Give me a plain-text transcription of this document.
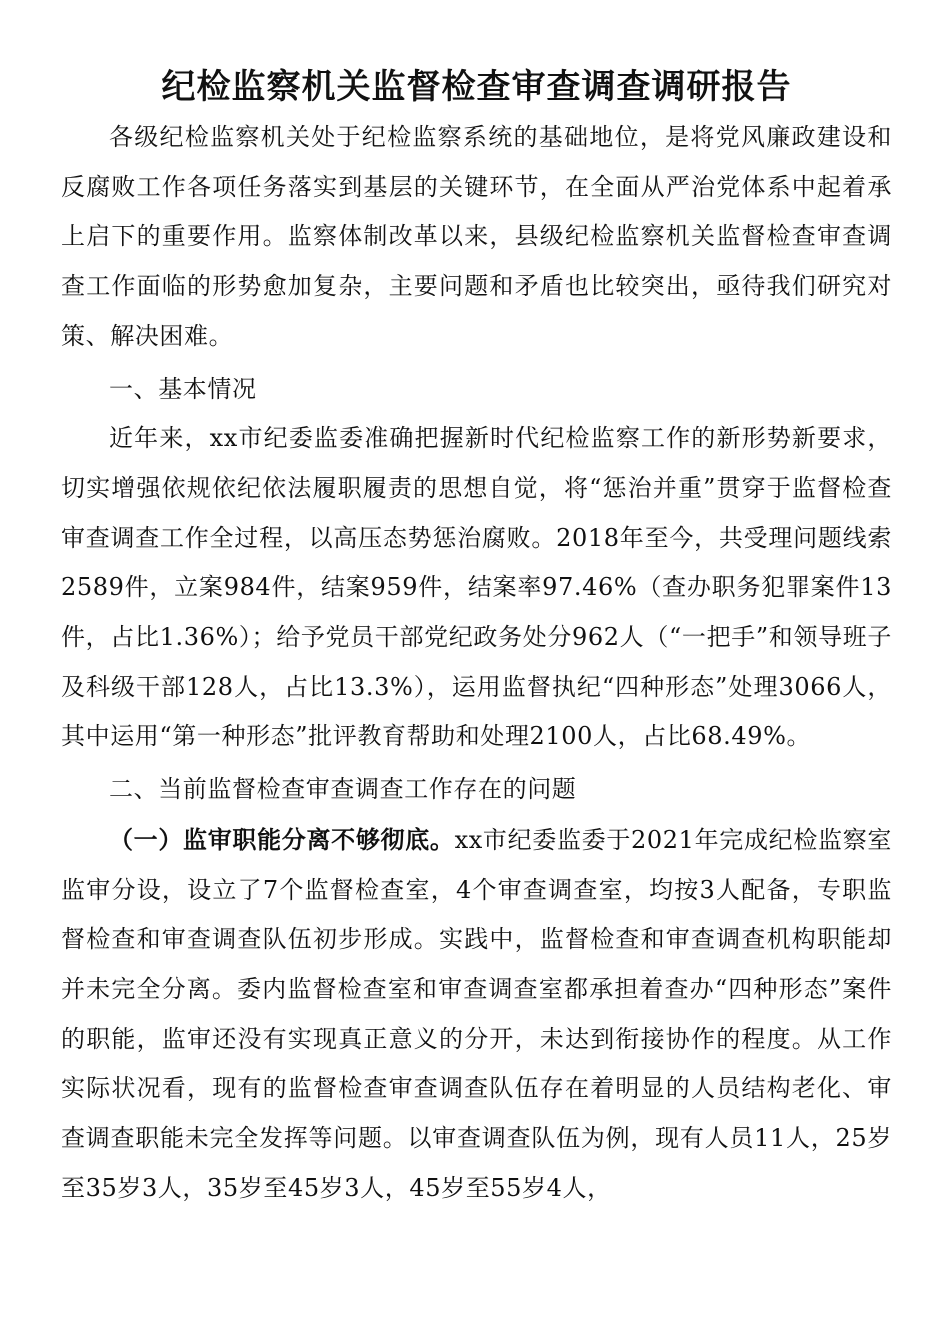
纪检监察机关监督检查审查调查调研报告

各级纪检监察机关处于纪检监察系统的基础地位，是将党风廉政建设和反腐败工作各项任务落实到基层的关键环节，在全面从严治党体系中起着承上启下的重要作用。监察体制改革以来，县级纪检监察机关监督检查审查调查工作面临的形势愈加复杂，主要问题和矛盾也比较突出，亟待我们研究对策、解决困难。

一、基本情况

近年来，xx市纪委监委准确把握新时代纪检监察工作的新形势新要求，切实增强依规依纪依法履职履责的思想自觉，将“惩治并重”贯穿于监督检查审查调查工作全过程，以高压态势惩治腐败。2018年至今，共受理问题线索2589件，立案984件，结案959件，结案率97.46%（查办职务犯罪案件13件，占比1.36%）；给予党员干部党纪政务处分962人（“一把手”和领导班子及科级干部128人，占比13.3%），运用监督执纪“四种形态”处理3066人，其中运用“第一种形态”批评教育帮助和处理2100人，占比68.49%。

二、当前监督检查审查调查工作存在的问题

（一）监审职能分离不够彻底。xx市纪委监委于2021年完成纪检监察室监审分设，设立了7个监督检查室，4个审查调查室，均按3人配备，专职监督检查和审查调查队伍初步形成。实践中，监督检查和审查调查机构职能却并未完全分离。委内监督检查室和审查调查室都承担着查办“四种形态”案件的职能，监审还没有实现真正意义的分开，未达到衔接协作的程度。从工作实际状况看，现有的监督检查审查调查队伍存在着明显的人员结构老化、审查调查职能未完全发挥等问题。以审查调查队伍为例，现有人员11人，25岁至35岁3人，35岁至45岁3人，45岁至55岁4人，
